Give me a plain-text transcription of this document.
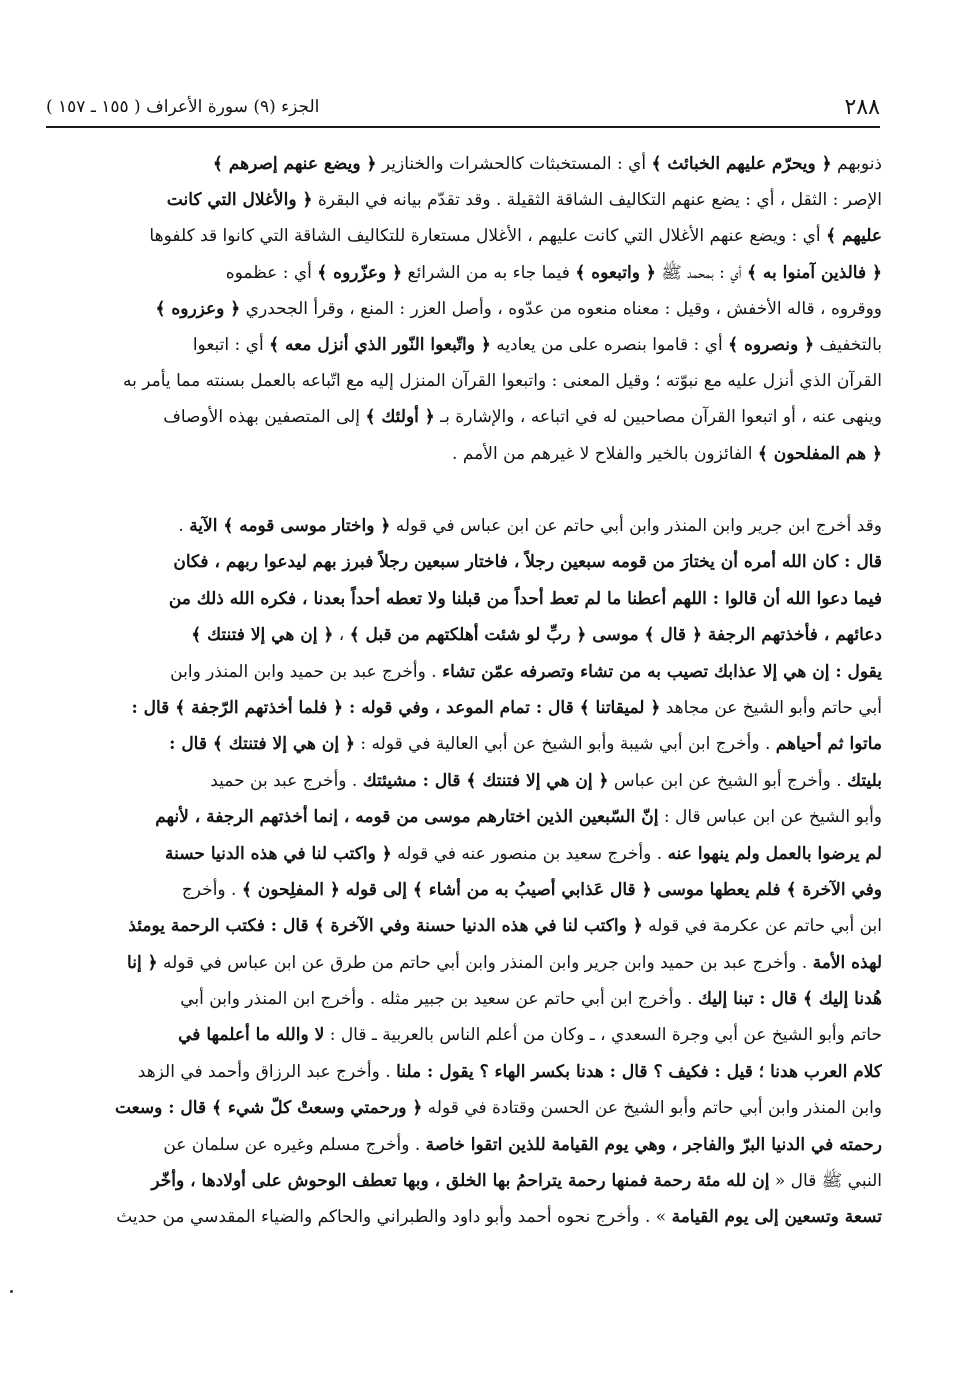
الجزء (٩) سورة الأعراف ( ١٥٥ ـ ١٥٧ )	٢٨٨
ذنوبهم ﴿ ويحرّم عليهم الخبائث ﴾ أي : المستخبثات كالحشرات والخنازير ﴿ ويضع عنهم إصرهم ﴾
الإصر : الثقل ، أي : يضع عنهم التكاليف الشاقة الثقيلة . وقد تقدّم بيانه في البقرة ﴿ والأغلال التي كانت
عليهم ﴾ أي : ويضع عنهم الأغلال التي كانت عليهم ، الأغلال مستعارة للتكاليف الشاقة التي كانوا قد كلفوها
﴿ فالذين آمنوا به ﴾ أي : بمحمد ﷺ ﴿ واتبعوه ﴾ فيما جاء به من الشرائع ﴿ وعزّروه ﴾ أي : عظموه
ووقروه ، قاله الأخفش ، وقيل : معناه منعوه من عدّوه ، وأصل العزر : المنع ، وقرأ الجحدري ﴿ وعزروه ﴾
بالتخفيف ﴿ ونصروه ﴾ أي : قاموا بنصره على من يعاديه ﴿ واتّبعوا النّور الذي أنزل معه ﴾ أي : اتبعوا
القرآن الذي أنزل عليه مع نبوّته ؛ وقيل المعنى : واتبعوا القرآن المنزل إليه مع اتّباعه بالعمل بسنته مما يأمر به
وينهى عنه ، أو اتبعوا القرآن مصاحبين له في اتباعه ، والإشارة بـ ﴿ أولئك ﴾ إلى المتصفين بهذه الأوصاف
﴿ هم المفلحون ﴾ الفائزون بالخير والفلاح لا غيرهم من الأمم .
وقد أخرج ابن جرير وابن المنذر وابن أبي حاتم عن ابن عباس في قوله ﴿ واختار موسى قومه ﴾ الآية .
قال : كان الله أمره أن يختارَ من قومه سبعين رجلاً ، فاختار سبعين رجلاً فبرز بهم ليدعوا ربهم ، فكان
فيما دعوا الله أن قالوا : اللهم أعطنا ما لم تعط أحداً من قبلنا ولا تعطه أحداً بعدنا ، فكره الله ذلك من
دعائهم ، فأخذتهم الرجفة ﴿ قال ﴾ موسى ﴿ ربِّ لو شئت أهلكتهم من قبل ﴾ ، ﴿ إن هي إلا فتنتك ﴾
يقول : إن هي إلا عذابك تصيب به من تشاء وتصرفه عمّن تشاء . وأخرج عبد بن حميد وابن المنذر وابن
أبي حاتم وأبو الشيخ عن مجاهد ﴿ لميقاتنا ﴾ قال : تمام الموعد ، وفي قوله : ﴿ فلما أخذتهم الرّجفة ﴾ قال :
ماتوا ثم أحياهم . وأخرج ابن أبي شيبة وأبو الشيخ عن أبي العالية في قوله : ﴿ إن هي إلا فتنتك ﴾ قال :
بليتك . وأخرج أبو الشيخ عن ابن عباس ﴿ إن هي إلا فتنتك ﴾ قال : مشيئتك . وأخرج عبد بن حميد
وأبو الشيخ عن ابن عباس قال : إنّ السّبعين الذين اختارهم موسى من قومه ، إنما أخذتهم الرجفة ، لأنهم
لم يرضوا بالعمل ولم ينهوا عنه . وأخرج سعيد بن منصور عنه في قوله ﴿ واكتب لنا في هذه الدنيا حسنة
وفي الآخرة ﴾ فلم يعطها موسى ﴿ قال عَذابي أصيبُ به من أشاء ﴾ إلى قوله ﴿ المفلِحون ﴾ . وأخرج
ابن أبي حاتم عن عكرمة في قوله ﴿ واكتب لنا في هذه الدنيا حسنة وفي الآخرة ﴾ قال : فكتب الرحمة يومئذ
لهذه الأمة . وأخرج عبد بن حميد وابن جرير وابن المنذر وابن أبي حاتم من طرق عن ابن عباس في قوله ﴿ إنا
هُدنا إليك ﴾ قال : تبنا إليك . وأخرج ابن أبي حاتم عن سعيد بن جبير مثله . وأخرج ابن المنذر وابن أبي
حاتم وأبو الشيخ عن أبي وجرة السعدي ، ـ وكان من أعلم الناس بالعربية ـ قال : لا والله ما أعلمها في
كلام العرب هدنا ؛ قيل : فكيف ؟ قال : هدنا بكسر الهاء ؟ يقول : ملنا . وأخرج عبد الرزاق وأحمد في الزهد
وابن المنذر وابن أبي حاتم وأبو الشيخ عن الحسن وقتادة في قوله ﴿ ورحمتي وسعتْ كلّ شيء ﴾ قال : وسعت
رحمته في الدنيا البرّ والفاجر ، وهي يوم القيامة للذين اتقوا خاصة . وأخرج مسلم وغيره عن سلمان عن
النبي ﷺ قال « إن لله مئة رحمة فمنها رحمة يتراحمُ بها الخلق ، وبها تعطف الوحوش على أولادها ، وأخّر
تسعة وتسعين إلى يوم القيامة » . وأخرج نحوه أحمد وأبو داود والطبراني والحاكم والضياء المقدسي من حديث
